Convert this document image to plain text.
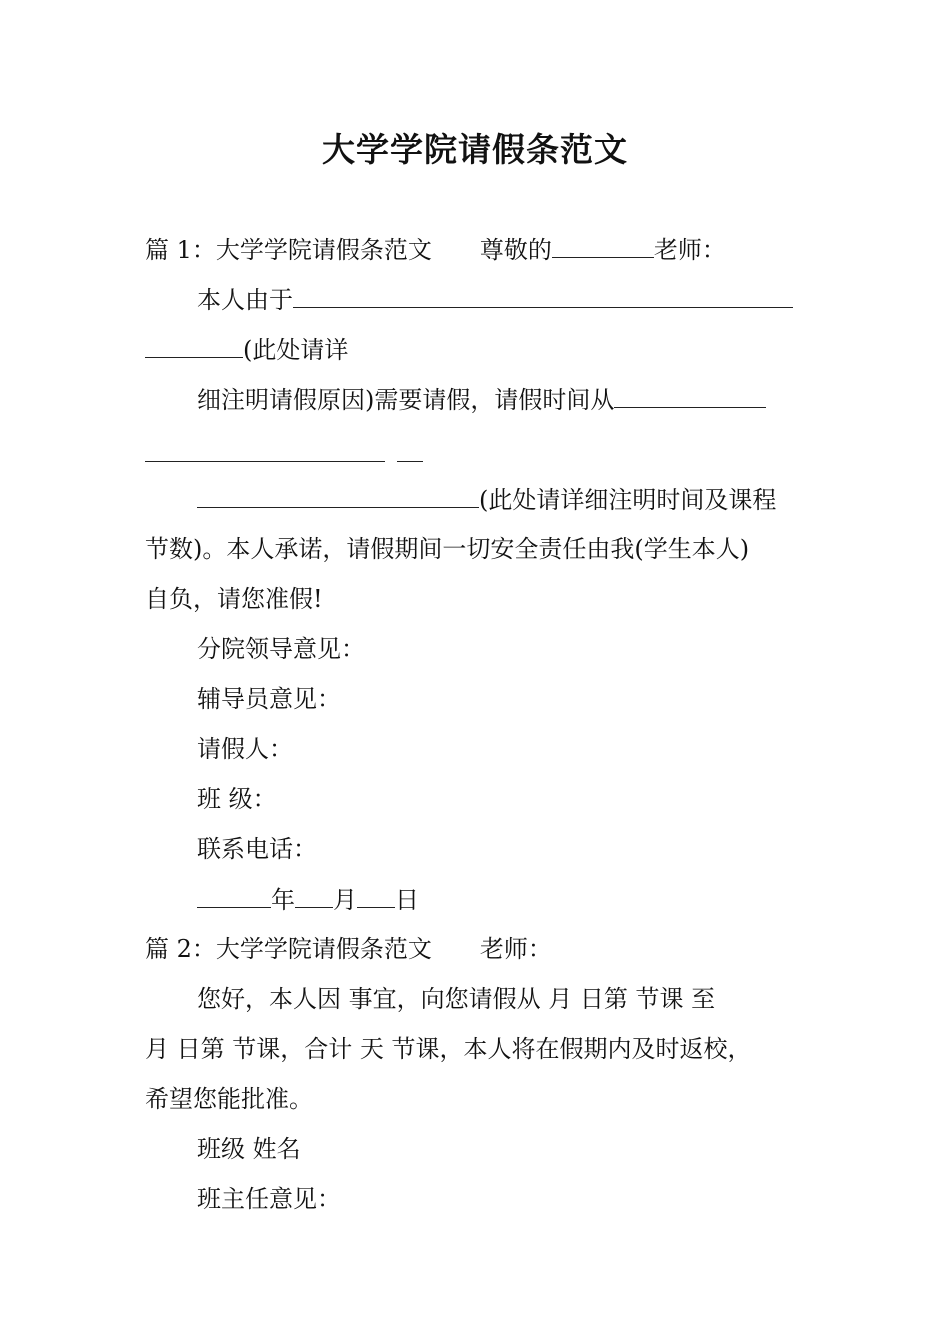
大学学院请假条范文
篇 1：大学学院请假条范文 尊敬的	老师：
本人由于
(此处请详
细注明请假原因)需要请假，请假时间从
(此处请详细注明时间及课程
节数)。本人承诺，请假期间一切安全责任由我(学生本人)
自负，请您准假!
分院领导意见：
辅导员意见：
请假人：
班 级：
联系电话：
年 月 日
篇 2：大学学院请假条范文 老师：
您好，本人因 事宜，向您请假从 月 日第 节课 至
月 日第 节课，合计 天 节课，本人将在假期内及时返校，
希望您能批准。
班级 姓名
班主任意见：
